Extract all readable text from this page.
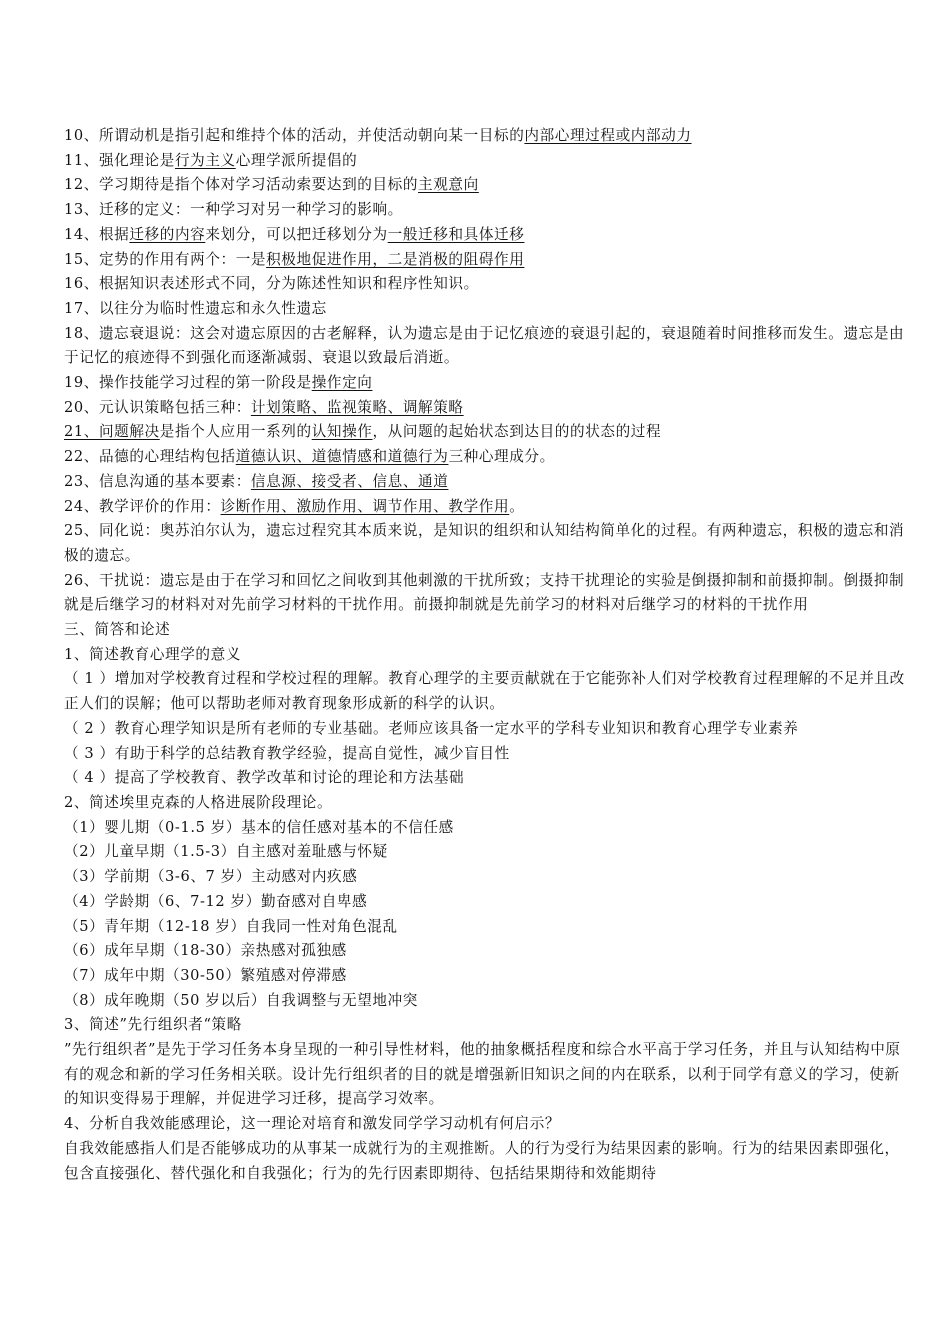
10、所谓动机是指引起和维持个体的活动，并使活动朝向某一目标的内部心理过程或内部动力
11、强化理论是行为主义心理学派所提倡的
12、学习期待是指个体对学习活动索要达到的目标的主观意向
13、迁移的定义：一种学习对另一种学习的影响。
14、根据迁移的内容来划分，可以把迁移划分为一般迁移和具体迁移
15、定势的作用有两个：一是积极地促进作用，二是消极的阻碍作用
16、根据知识表述形式不同，分为陈述性知识和程序性知识。
17、以往分为临时性遗忘和永久性遗忘
18、遗忘衰退说：这会对遗忘原因的古老解释，认为遗忘是由于记忆痕迹的衰退引起的，衰退随着时间推移而发生。遗忘是由于记忆的痕迹得不到强化而逐渐减弱、衰退以致最后消逝。
19、操作技能学习过程的第一阶段是操作定向
20、元认识策略包括三种：计划策略、监视策略、调解策略
21、问题解决是指个人应用一系列的认知操作，从问题的起始状态到达目的的状态的过程
22、品德的心理结构包括道德认识、道德情感和道德行为三种心理成分。
23、信息沟通的基本要素：信息源、接受者、信息、通道
24、教学评价的作用：诊断作用、激励作用、调节作用、教学作用。
25、同化说：奥苏泊尔认为，遗忘过程究其本质来说，是知识的组织和认知结构简单化的过程。有两种遗忘，积极的遗忘和消极的遗忘。
26、干扰说：遗忘是由于在学习和回忆之间收到其他刺激的干扰所致；支持干扰理论的实验是倒摄抑制和前摄抑制。倒摄抑制就是后继学习的材料对对先前学习材料的干扰作用。前摄抑制就是先前学习的材料对后继学习的材料的干扰作用
三、简答和论述
1、简述教育心理学的意义
（ 1 ）增加对学校教育过程和学校过程的理解。教育心理学的主要贡献就在于它能弥补人们对学校教育过程理解的不足并且改正人们的误解；他可以帮助老师对教育现象形成新的科学的认识。
（ 2 ）教育心理学知识是所有老师的专业基础。老师应该具备一定水平的学科专业知识和教育心理学专业素养
（ 3 ）有助于科学的总结教育教学经验，提高自觉性，减少盲目性
（ 4 ）提高了学校教育、教学改革和讨论的理论和方法基础
2、简述埃里克森的人格进展阶段理论。
（1）婴儿期（0-1.5 岁）基本的信任感对基本的不信任感
（2）儿童早期（1.5-3）自主感对羞耻感与怀疑
（3）学前期（3-6、7 岁）主动感对内疚感
（4）学龄期（6、7-12 岁）勤奋感对自卑感
（5）青年期（12-18 岁）自我同一性对角色混乱
（6）成年早期（18-30）亲热感对孤独感
（7）成年中期（30-50）繁殖感对停滞感
（8）成年晚期（50 岁以后）自我调整与无望地冲突
3、简述”先行组织者“策略
”先行组织者”是先于学习任务本身呈现的一种引导性材料，他的抽象概括程度和综合水平高于学习任务，并且与认知结构中原有的观念和新的学习任务相关联。设计先行组织者的目的就是增强新旧知识之间的内在联系，以利于同学有意义的学习，使新的知识变得易于理解，并促进学习迁移，提高学习效率。
4、分析自我效能感理论，这一理论对培育和激发同学学习动机有何启示？
自我效能感指人们是否能够成功的从事某一成就行为的主观推断。人的行为受行为结果因素的影响。行为的结果因素即强化，包含直接强化、替代强化和自我强化；行为的先行因素即期待、包括结果期待和效能期待
